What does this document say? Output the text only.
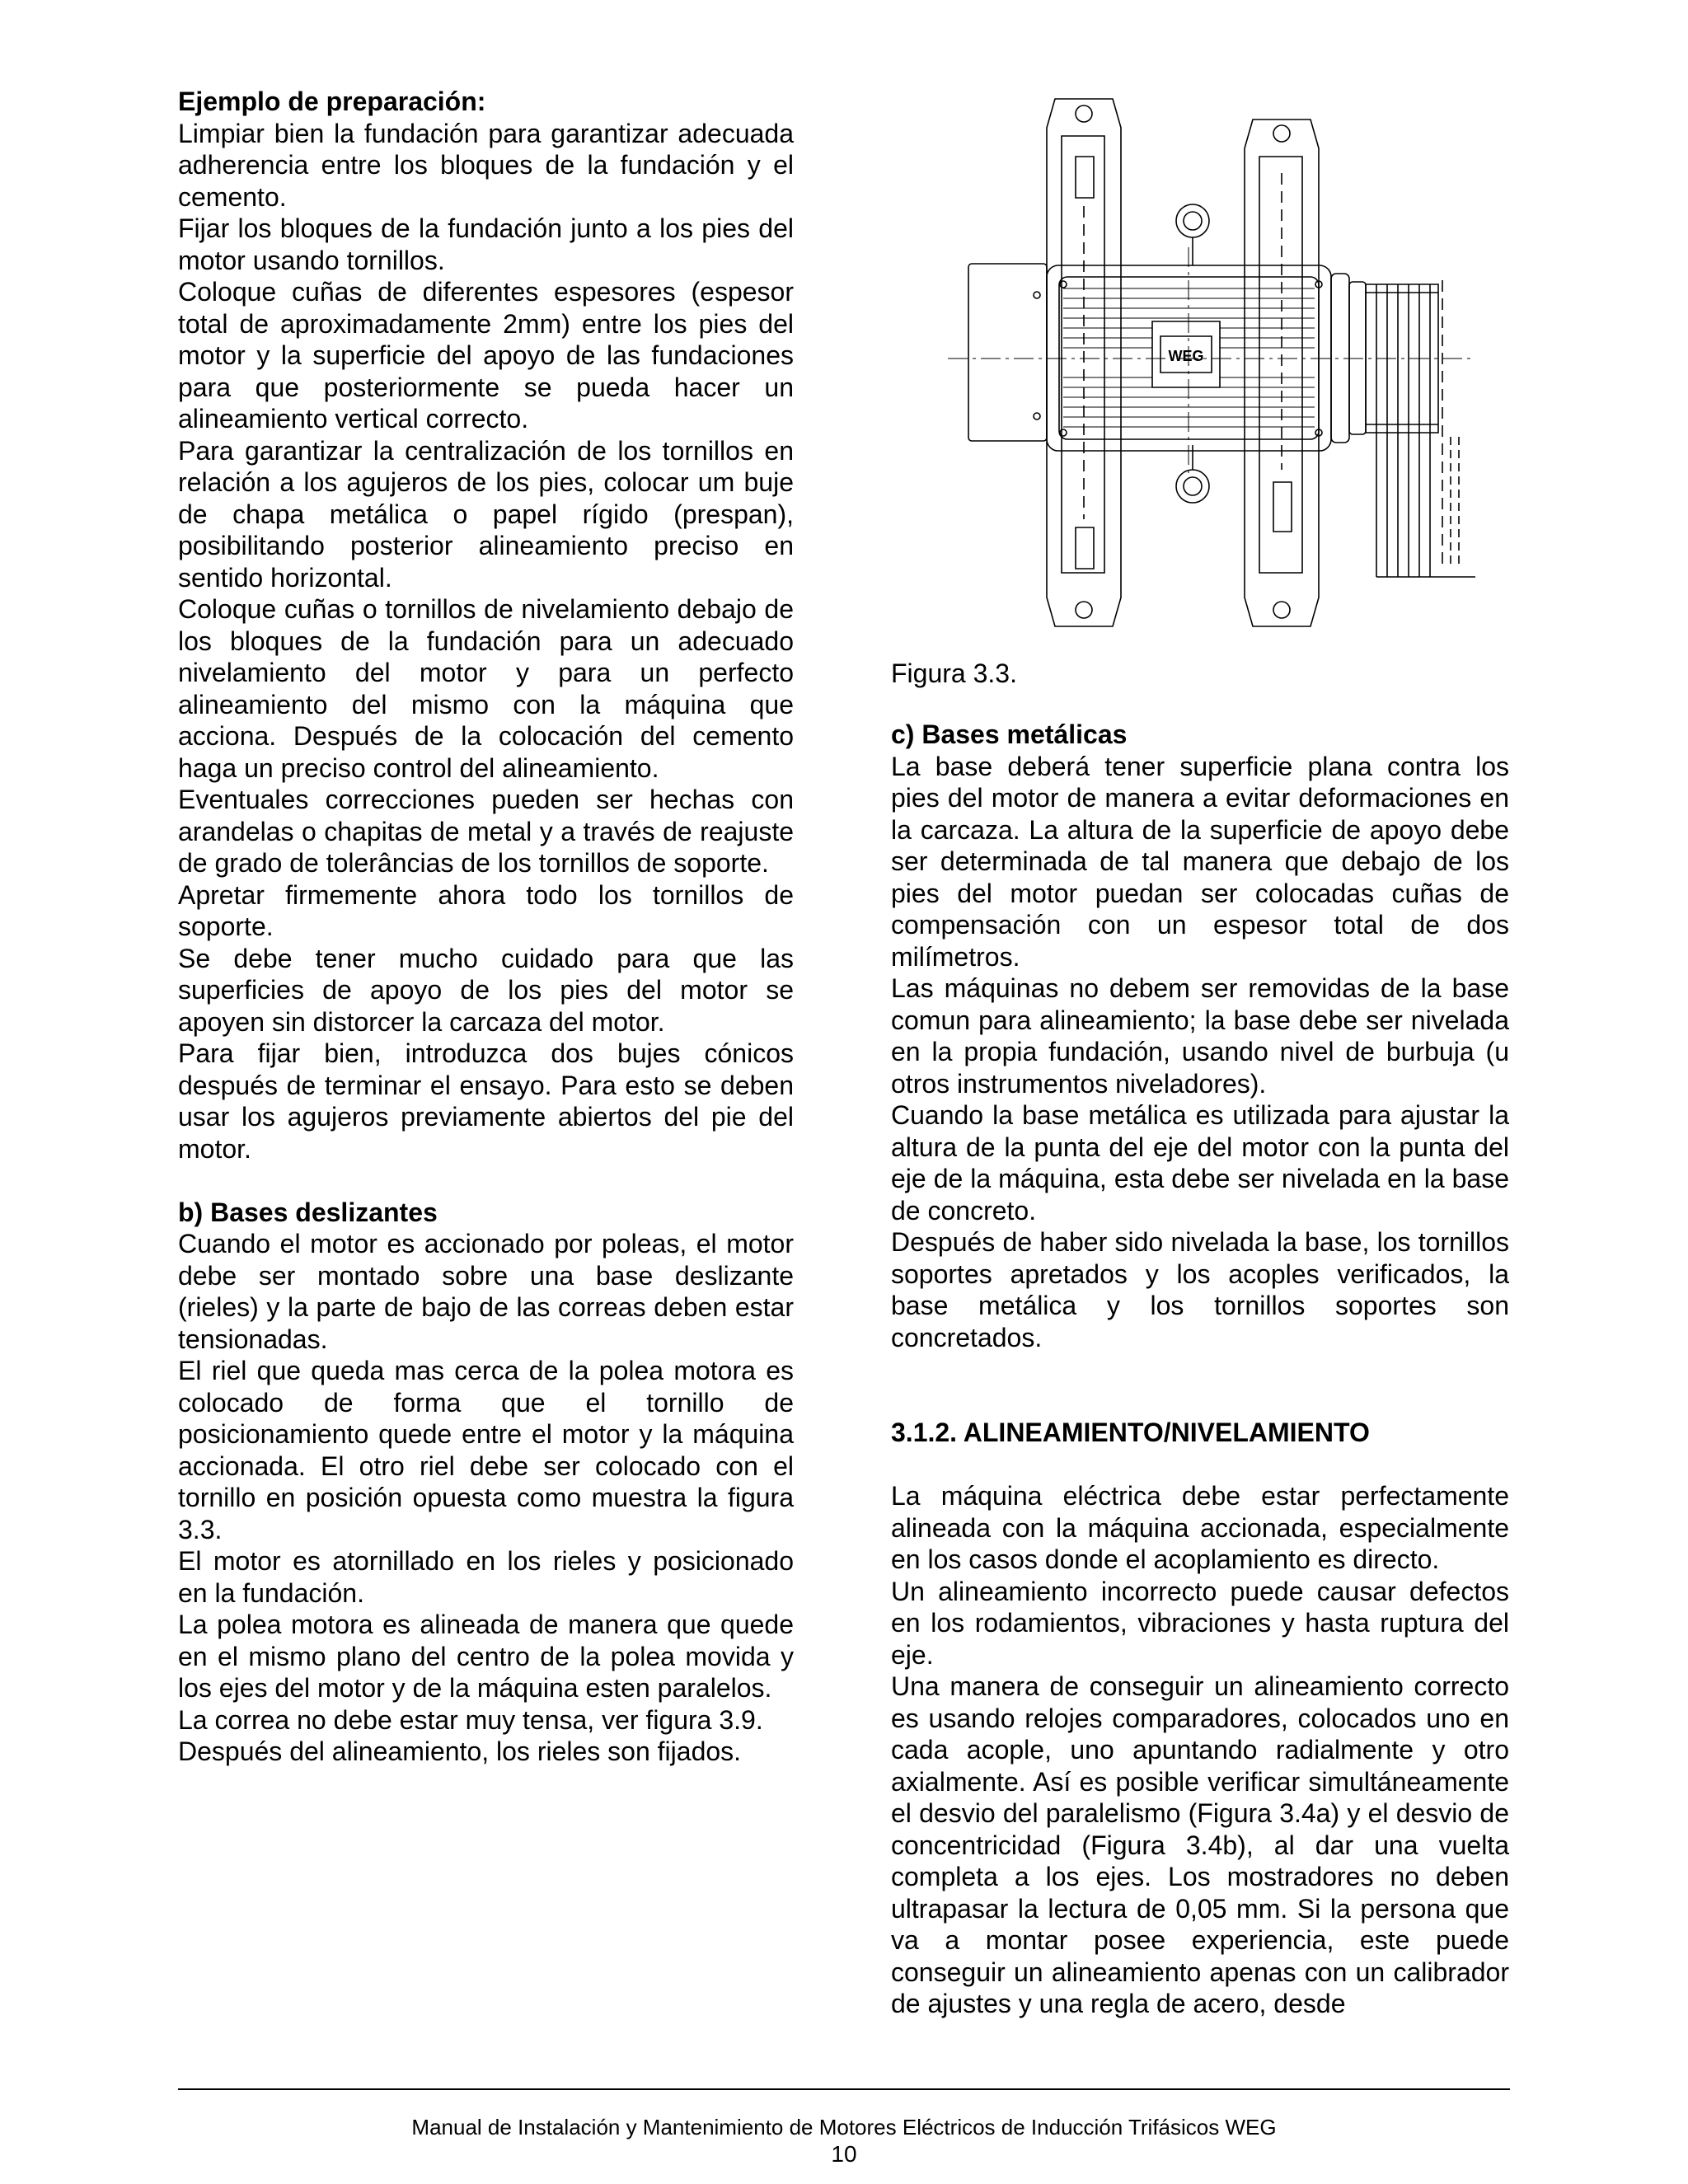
Ejemplo de preparación:

Limpiar bien la fundación para garantizar adecuada adherencia entre los bloques de la fundación y el cemento.

Fijar los bloques de la fundación junto a los pies del motor usando tornillos.

Coloque cuñas de diferentes espesores (espesor total de aproximadamente 2mm) entre los pies del motor y la superficie del apoyo de las fundaciones para que posteriormente se pueda hacer un alineamiento vertical correcto.

Para garantizar la centralización de los tornillos en relación a los agujeros de los pies, colocar um buje de chapa metálica o papel rígido (prespan), posibilitando posterior alineamiento preciso en sentido horizontal.

Coloque cuñas o tornillos de nivelamiento debajo de los bloques de la fundación para un adecuado nivelamiento del motor y para un perfecto alineamiento del mismo con la máquina que acciona. Después de la colocación del cemento haga un preciso control del alineamiento.

Eventuales correcciones pueden ser hechas con arandelas o chapitas de metal y a través de reajuste de grado de tolerâncias de los tornillos de soporte.

Apretar firmemente ahora todo los tornillos de soporte.

Se debe tener mucho cuidado para que las superficies de apoyo de los pies del motor se apoyen sin distorcer la carcaza del motor.

Para fijar bien, introduzca dos bujes cónicos después de terminar el ensayo. Para esto se deben usar los agujeros previamente abiertos del pie del motor.

b) Bases deslizantes

Cuando el motor es accionado por poleas, el motor debe ser montado sobre una base deslizante (rieles) y la parte de bajo de las correas deben estar tensionadas.

El riel que queda mas cerca de la polea motora es colocado de forma que el tornillo de posicionamiento quede entre el motor y la máquina accionada. El otro riel debe ser colocado con el tornillo en posición opuesta como muestra la figura 3.3.

El motor es atornillado en los rieles y posicionado en la fundación.

La polea motora es alineada de manera que quede en el mismo plano del centro de la polea movida y los ejes del motor y de la máquina esten paralelos.

La correa no debe estar muy tensa, ver figura 3.9.

Después del alineamiento, los rieles son fijados.

WEG
Figura 3.3.

c) Bases metálicas

La base deberá tener superficie plana contra los pies del motor de manera a evitar deformaciones en la carcaza. La altura de la superficie de apoyo debe ser determinada de tal manera que debajo de los pies del motor puedan ser colocadas cuñas de compensación con un espesor total de dos milímetros.

Las máquinas no debem ser removidas de la base comun para alineamiento; la base debe ser nivelada en la propia fundación, usando nivel de burbuja (u otros instrumentos niveladores).

Cuando la base metálica es utilizada para ajustar la altura de la punta del eje del motor con la punta del eje de la máquina, esta debe ser nivelada en la base de concreto.

Después de haber sido nivelada la base, los tornillos soportes apretados y los acoples verificados, la base metálica y los tornillos soportes son concretados.

3.1.2. ALINEAMIENTO/NIVELAMIENTO

La máquina eléctrica debe estar perfectamente alineada con la máquina accionada, especialmente en los casos donde el acoplamiento es directo.

Un alineamiento incorrecto puede causar defectos en los rodamientos, vibraciones y hasta ruptura del eje.

Una manera de conseguir un alineamiento correcto es usando relojes comparadores, colocados uno en cada acople, uno apuntando radialmente y otro axialmente. Así es posible verificar simultáneamente el desvio del paralelismo (Figura 3.4a) y el desvio de concentricidad (Figura 3.4b), al dar una vuelta completa a los ejes. Los mostradores no deben ultrapasar la lectura de 0,05 mm. Si la persona que va a montar posee experiencia, este puede conseguir un alineamiento apenas con un calibrador de ajustes y una regla de acero, desde

Manual de Instalación y Mantenimiento de Motores Eléctricos de Inducción Trifásicos WEG
10
